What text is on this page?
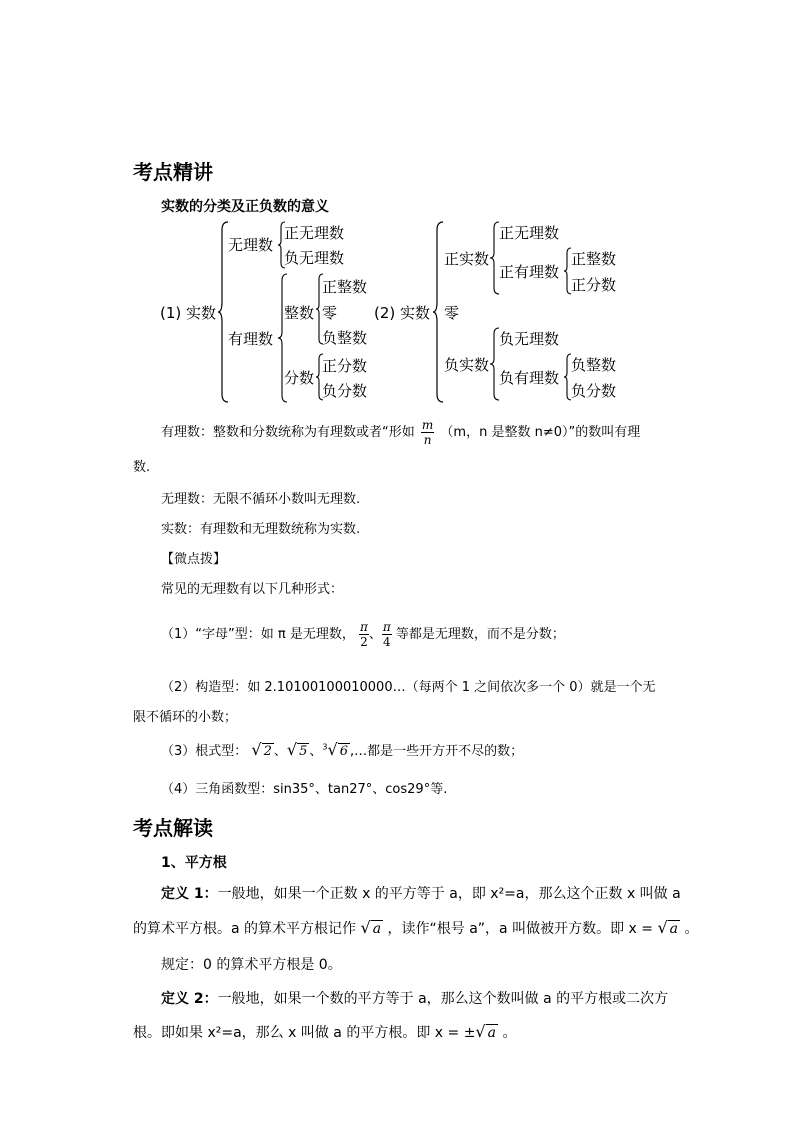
考点精讲
实数的分类及正负数的意义
(1) 实数
无理数
正无理数
负无理数
有理数
整数
正整数
零
负整数
分数
正分数
负分数
(2) 实数
正实数
正无理数
正有理数
正整数
正分数
零
负实数
负无理数
负有理数
负整数
负分数
有理数：整数和分数统称为有理数或者“形如 $\frac{m}{n} (m$，n 是整数 n≠0）”的数叫有理
数.
无理数：无限不循环小数叫无理数.
实数：有理数和无理数统称为实数.
【微点拨】
常见的无理数有以下几种形式：
（1）“字母”型：如 π 是无理数， $\frac{\pi}{2}$ 、 $\frac{\pi}{4}$ 等都是无理数，而不是分数；
（2）构造型：如 2.10100100010000…（每两个 1 之间依次多一个 0）就是一个无
限不循环的小数；
（3）根式型： √ 2 、√ 5 、$^3$√ 6 ,…都是一些开方开不尽的数；
（4）三角函数型：sin35°、tan27°、cos29°等.
考点解读
1、平方根
定义 1：一般地，如果一个正数 x 的平方等于 a，即 x²=a，那么这个正数 x 叫做 a
的算术平方根。a 的算术平方根记作 √ a ，读作“根号 a”，a 叫做被开方数。即 x = √ a 。
规定：0 的算术平方根是 0。
定义 2：一般地，如果一个数的平方等于 a，那么这个数叫做 a 的平方根或二次方
根。即如果 x²=a，那么 x 叫做 a 的平方根。即 x = ±√ a 。
